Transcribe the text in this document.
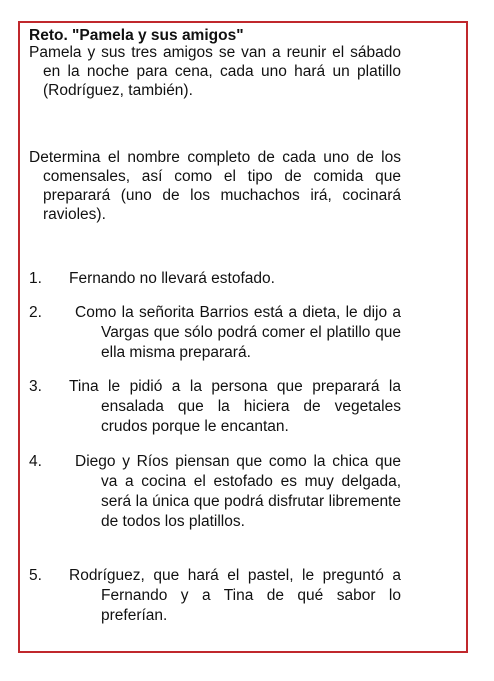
Reto. "Pamela y sus amigos"
Pamela y sus tres amigos se van a reunir el sábado en la noche para cena, cada uno hará un platillo (Rodríguez, también).
Determina el nombre completo de cada uno de los comensales, así como el tipo de comida que preparará (uno de los muchachos irá, cocinará ravioles).
1. Fernando no llevará estofado.
2. Como la señorita Barrios está a dieta, le dijo a Vargas que sólo podrá comer el platillo que ella misma preparará.
3. Tina le pidió a la persona que preparará la ensalada que la hiciera de vegetales crudos porque le encantan.
4. Diego y Ríos piensan que como la chica que va a cocina el estofado es muy delgada, será la única que podrá disfrutar libremente de todos los platillos.
5. Rodríguez, que hará el pastel, le preguntó a Fernando y a Tina de qué sabor lo preferían.
